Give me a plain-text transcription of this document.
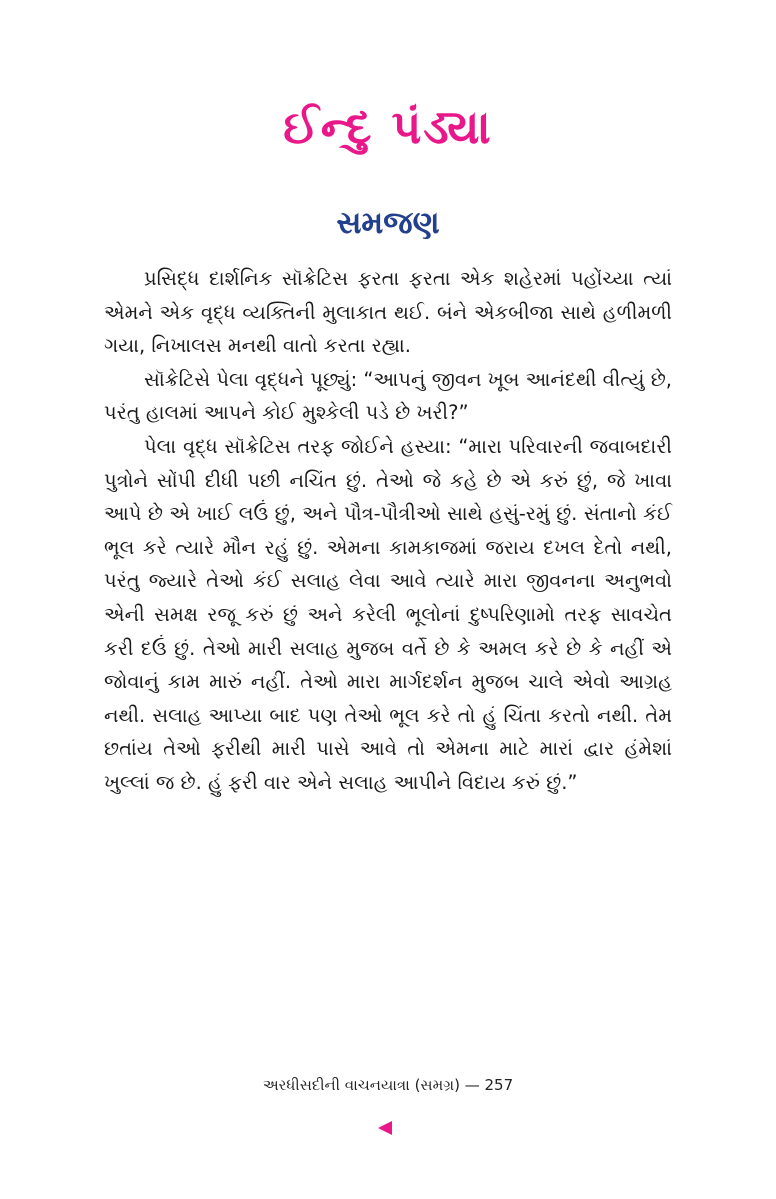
ઈન્દુ પંડ્યા
સમજણ

પ્રસિદ્ધ દાર્શનિક સૉક્રેટિસ ફરતા ફરતા એક શહેરમાં પહોંચ્યા ત્યાં એમને એક વૃદ્ધ વ્યક્તિની મુલાકાત થઈ. બંને એકબીજા સાથે હળીમળી ગયા, નિખાલસ મનથી વાતો કરતા રહ્યા.

સૉક્રેટિસે પેલા વૃદ્ધને પૂછ્યું: “આપનું જીવન ખૂબ આનંદથી વીત્યું છે, પરંતુ હાલમાં આપને કોઈ મુશ્કેલી પડે છે ખરી?”

પેલા વૃદ્ધ સૉક્રેટિસ તરફ જોઈને હસ્યા: “મારા પરિવારની જવાબદારી પુત્રોને સોંપી દીધી પછી નચિંત છું. તેઓ જે કહે છે એ કરું છું, જે ખાવા આપે છે એ ખાઈ લઉં છું, અને પૌત્ર-પૌત્રીઓ સાથે હસું-રમું છું. સંતાનો કંઈ ભૂલ કરે ત્યારે મૌન રહું છું. એમના કામકાજમાં જરાય દખલ દેતો નથી, પરંતુ જ્યારે તેઓ કંઈ સલાહ લેવા આવે ત્યારે મારા જીવનના અનુભવો એની સમક્ષ રજૂ કરું છું અને કરેલી ભૂલોનાં દુષ્પરિણામો તરફ સાવચેત કરી દઉં છું. તેઓ મારી સલાહ મુજબ વર્તે છે કે અમલ કરે છે કે નહીં એ જોવાનું કામ મારું નહીં. તેઓ મારા માર્ગદર્શન મુજબ ચાલે એવો આગ્રહ નથી. સલાહ આપ્યા બાદ પણ તેઓ ભૂલ કરે તો હું ચિંતા કરતો નથી. તેમ છતાંય તેઓ ફરીથી મારી પાસે આવે તો એમના માટે મારાં દ્વાર હંમેશાં ખુલ્લાં જ છે. હું ફરી વાર એને સલાહ આપીને વિદાય કરું છું.”

અરધીસદીની વાચનયાત્રા (સમગ્ર) — 257
